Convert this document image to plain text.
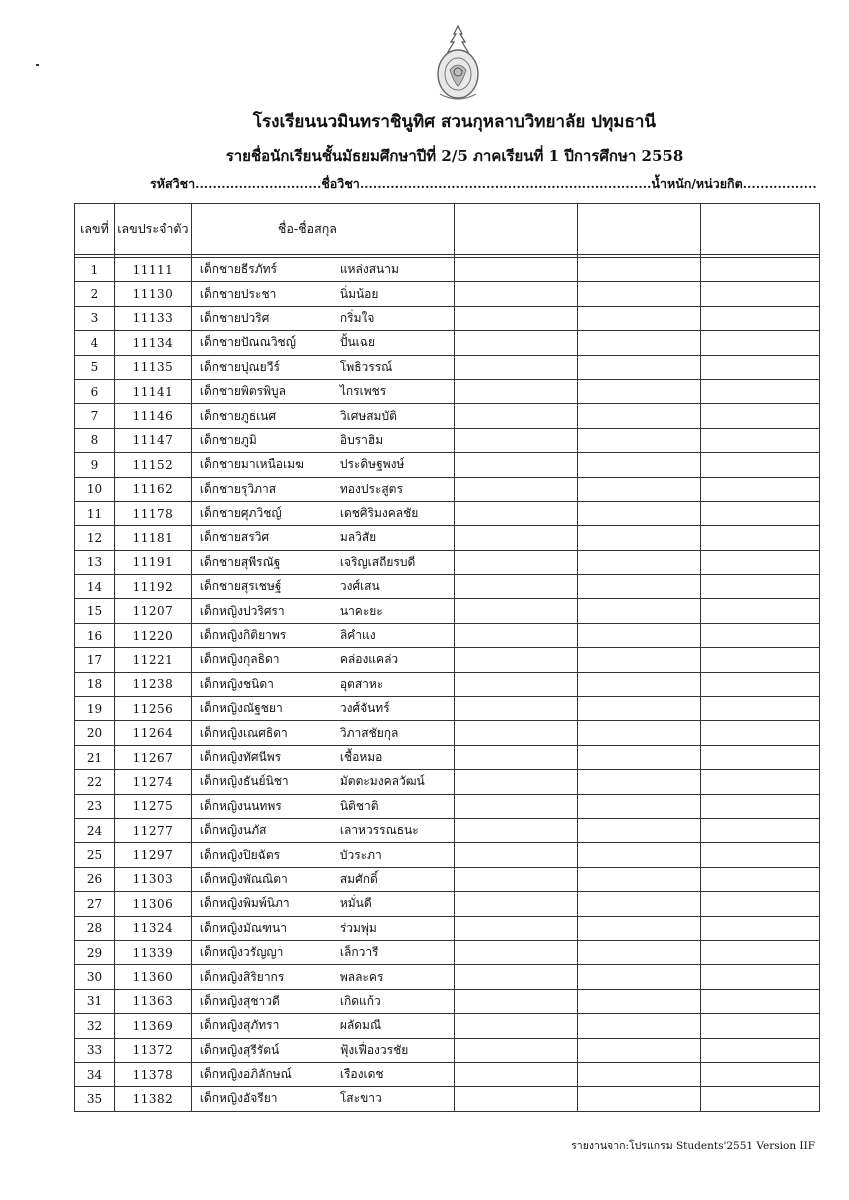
โรงเรียนนวมินทราชินูทิศ สวนกุหลาบวิทยาลัย ปทุมธานี
รายชื่อนักเรียนชั้นมัธยมศึกษาปีที่ 2/5 ภาคเรียนที่ 1 ปีการศึกษา 2558
รหัสวิชา.............................ชื่อวิชา...................................................................น้ำหนัก/หน่วยกิต.................
เลขที่	เลขประจำตัว	ชื่อ-ชื่อสกุล			

1	11111	เด็กชายธีรภัทร์ แหล่งสนาม			
2	11130	เด็กชายประชา นิ่มน้อย			
3	11133	เด็กชายปวริศ กริ่มใจ			
4	11134	เด็กชายปัณณวิชญ์ ปั้นเฉย			
5	11135	เด็กชายปุณยวีร์ โพธิวรรณ์			
6	11141	เด็กชายพิตรพิบูล ไกรเพชร			
7	11146	เด็กชายภูธเนศ วิเศษสมบัติ			
8	11147	เด็กชายภูมิ อิบราฮิม			
9	11152	เด็กชายมาเหนือเมฆ ประดิษฐพงษ์			
10	11162	เด็กชายรุวิภาส ทองประสูตร			
11	11178	เด็กชายศุภวิชญ์ เดชศิริมงคลชัย			
12	11181	เด็กชายสรวิศ มลวิสัย			
13	11191	เด็กชายสุพีรณัฐ เจริญเสถียรบดี			
14	11192	เด็กชายสุรเชษฐ์ วงศ์เสน			
15	11207	เด็กหญิงปวริศรา นาคะยะ			
16	11220	เด็กหญิงกิติยาพร ลิคำแง			
17	11221	เด็กหญิงกุลธิดา คล่องแคล่ว			
18	11238	เด็กหญิงชนิดา อุตสาหะ			
19	11256	เด็กหญิงณัฐชยา วงศ์จันทร์			
20	11264	เด็กหญิงเณศธิดา วิภาสชัยกุล			
21	11267	เด็กหญิงทัศนีพร เชื้อหมอ			
22	11274	เด็กหญิงธันย์นิชา มัตตะมงคลวัฒน์			
23	11275	เด็กหญิงนนทพร นิติชาติ			
24	11277	เด็กหญิงนภัส เลาหวรรณธนะ			
25	11297	เด็กหญิงปิยฉัตร บัวระภา			
26	11303	เด็กหญิงพัณณิตา สมศักดิ์			
27	11306	เด็กหญิงพิมพ์นิภา หมั่นดี			
28	11324	เด็กหญิงมัณฑนา ร่วมพุ่ม			
29	11339	เด็กหญิงวรัญญา เล็กวารี			
30	11360	เด็กหญิงสิริยากร พลละคร			
31	11363	เด็กหญิงสุชาวดี เกิดแก้ว			
32	11369	เด็กหญิงสุภัทรา ผลัดมณี			
33	11372	เด็กหญิงสุรีรัตน์ ฟุ้งเฟื่องวรชัย			
34	11378	เด็กหญิงอภิลักษณ์ เรืองเดช			
35	11382	เด็กหญิงอัจรียา โสะขาว			
รายงานจาก:โปรแกรม Students'2551 Version IIF
